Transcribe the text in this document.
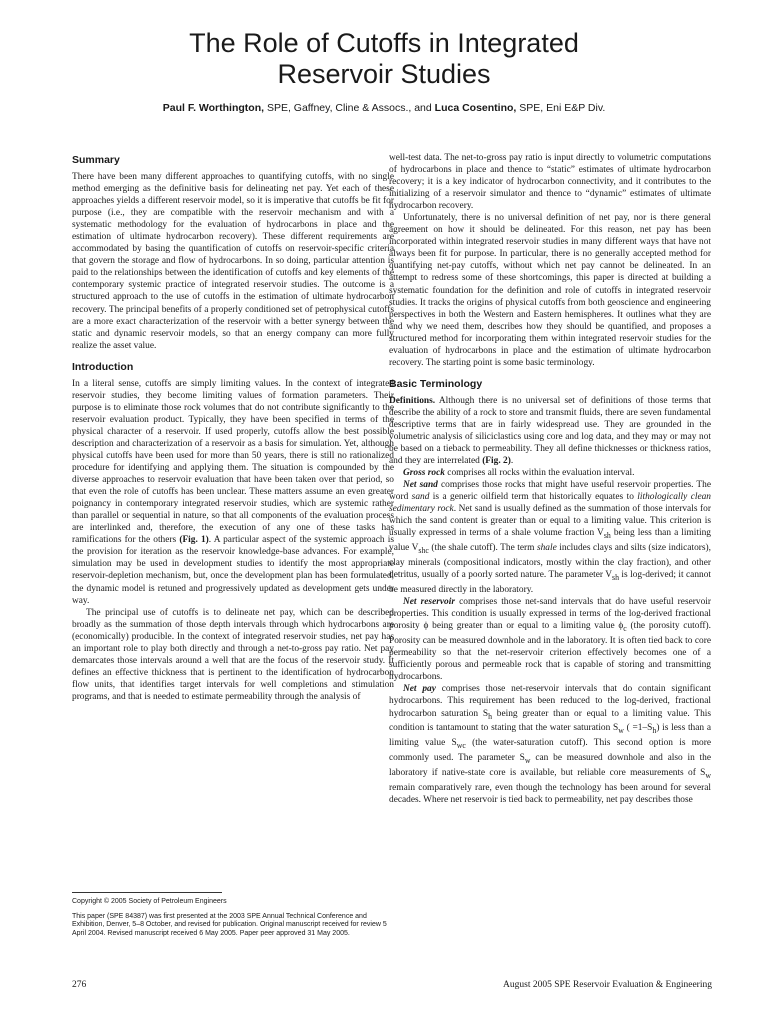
The Role of Cutoffs in Integrated
Reservoir Studies
Paul F. Worthington, SPE, Gaffney, Cline & Assocs., and Luca Cosentino, SPE, Eni E&P Div.
Summary

There have been many different approaches to quantifying cutoffs, with no single method emerging as the definitive basis for delineating net pay. Yet each of these approaches yields a different reservoir model, so it is imperative that cutoffs be fit for purpose (i.e., they are compatible with the reservoir mechanism and with a systematic methodology for the evaluation of hydrocarbons in place and the estimation of ultimate hydrocarbon recovery). These different requirements are accommodated by basing the quantification of cutoffs on reservoir-specific criteria that govern the storage and flow of hydrocarbons. In so doing, particular attention is paid to the relationships between the identification of cutoffs and key elements of the contemporary systemic practice of integrated reservoir studies. The outcome is a structured approach to the use of cutoffs in the estimation of ultimate hydrocarbon recovery. The principal benefits of a properly conditioned set of petrophysical cutoffs are a more exact characterization of the reservoir with a better synergy between the static and dynamic reservoir models, so that an energy company can more fully realize the asset value.

Introduction

In a literal sense, cutoffs are simply limiting values. In the context of integrated reservoir studies, they become limiting values of formation parameters. Their purpose is to eliminate those rock volumes that do not contribute significantly to the reservoir evaluation product. Typically, they have been specified in terms of the physical character of a reservoir. If used properly, cutoffs allow the best possible description and characterization of a reservoir as a basis for simulation. Yet, although physical cutoffs have been used for more than 50 years, there is still no rationalized procedure for identifying and applying them. The situation is compounded by the diverse approaches to reservoir evaluation that have been taken over that period, so that even the role of cutoffs has been unclear. These matters assume an even greater poignancy in contemporary integrated reservoir studies, which are systemic rather than parallel or sequential in nature, so that all components of the evaluation process are interlinked and, therefore, the execution of any one of these tasks has ramifications for the others (Fig. 1). A particular aspect of the systemic approach is the provision for iteration as the reservoir knowledge-base advances. For example, simulation may be used in development studies to identify the most appropriate reservoir-depletion mechanism, but, once the development plan has been formulated, the dynamic model is retuned and progressively updated as development gets under way.

The principal use of cutoffs is to delineate net pay, which can be described broadly as the summation of those depth intervals through which hydrocarbons are (economically) producible. In the context of integrated reservoir studies, net pay has an important role to play both directly and through a net-to-gross pay ratio. Net pay demarcates those intervals around a well that are the focus of the reservoir study. It defines an effective thickness that is pertinent to the identification of hydrocarbon flow units, that identifies target intervals for well completions and stimulation programs, and that is needed to estimate permeability through the analysis of

well-test data. The net-to-gross pay ratio is input directly to volumetric computations of hydrocarbons in place and thence to “static” estimates of ultimate hydrocarbon recovery; it is a key indicator of hydrocarbon connectivity, and it contributes to the initializing of a reservoir simulator and thence to “dynamic” estimates of ultimate hydrocarbon recovery.

Unfortunately, there is no universal definition of net pay, nor is there general agreement on how it should be delineated. For this reason, net pay has been incorporated within integrated reservoir studies in many different ways that have not always been fit for purpose. In particular, there is no generally accepted method for quantifying net-pay cutoffs, without which net pay cannot be delineated. In an attempt to redress some of these shortcomings, this paper is directed at building a systematic foundation for the definition and role of cutoffs in integrated reservoir studies. It tracks the origins of physical cutoffs from both geoscience and engineering perspectives in both the Western and Eastern hemispheres. It outlines what they are and why we need them, describes how they should be quantified, and proposes a structured method for incorporating them within integrated reservoir studies for the evaluation of hydrocarbons in place and the estimation of ultimate hydrocarbon recovery. The starting point is some basic terminology.

Basic Terminology

Definitions. Although there is no universal set of definitions of those terms that describe the ability of a rock to store and transmit fluids, there are seven fundamental descriptive terms that are in fairly widespread use. They are grounded in the volumetric analysis of siliciclastics using core and log data, and they may or may not be based on a tieback to permeability. They all define thicknesses or thickness ratios, and they are interrelated (Fig. 2).

Gross rock comprises all rocks within the evaluation interval.

Net sand comprises those rocks that might have useful reservoir properties. The word sand is a generic oilfield term that historically equates to lithologically clean sedimentary rock. Net sand is usually defined as the summation of those intervals for which the sand content is greater than or equal to a limiting value. This criterion is usually expressed in terms of a shale volume fraction $V_{sh}$ being less than a limiting value $V_{shc}$ (the shale cutoff). The term shale includes clays and silts (size indicators), clay minerals (compositional indicators, mostly within the clay fraction), and other detritus, usually of a poorly sorted nature. The parameter $V_{sh}$ is log-derived; it cannot be measured directly in the laboratory.

Net reservoir comprises those net-sand intervals that do have useful reservoir properties. This condition is usually expressed in terms of the log-derived fractional porosity ϕ being greater than or equal to a limiting value $\phi_c$ (the porosity cutoff). Porosity can be measured downhole and in the laboratory. It is often tied back to core permeability so that the net-reservoir criterion effectively becomes one of a sufficiently porous and permeable rock that is capable of storing and transmitting hydrocarbons.

Net pay comprises those net-reservoir intervals that do contain significant hydrocarbons. This requirement has been reduced to the log-derived, fractional hydrocarbon saturation $S_h$ being greater than or equal to a limiting value. This condition is tantamount to stating that the water saturation $S_w$ ( $=1-S_h$) is less than a limiting value $S_{wc}$ (the water-saturation cutoff). This second option is more commonly used. The parameter $S_w$ can be measured downhole and also in the laboratory if native-state core is available, but reliable core measurements of $S_w$ remain comparatively rare, even though the technology has been around for several decades. Where net reservoir is tied back to permeability, net pay describes those

Copyright © 2005 Society of Petroleum Engineers

This paper (SPE 84387) was first presented at the 2003 SPE Annual Technical Conference and Exhibition, Denver, 5–8 October, and revised for publication. Original manuscript received for review 5 April 2004. Revised manuscript received 6 May 2005. Paper peer approved 31 May 2005.

276	August 2005 SPE Reservoir Evaluation & Engineering
